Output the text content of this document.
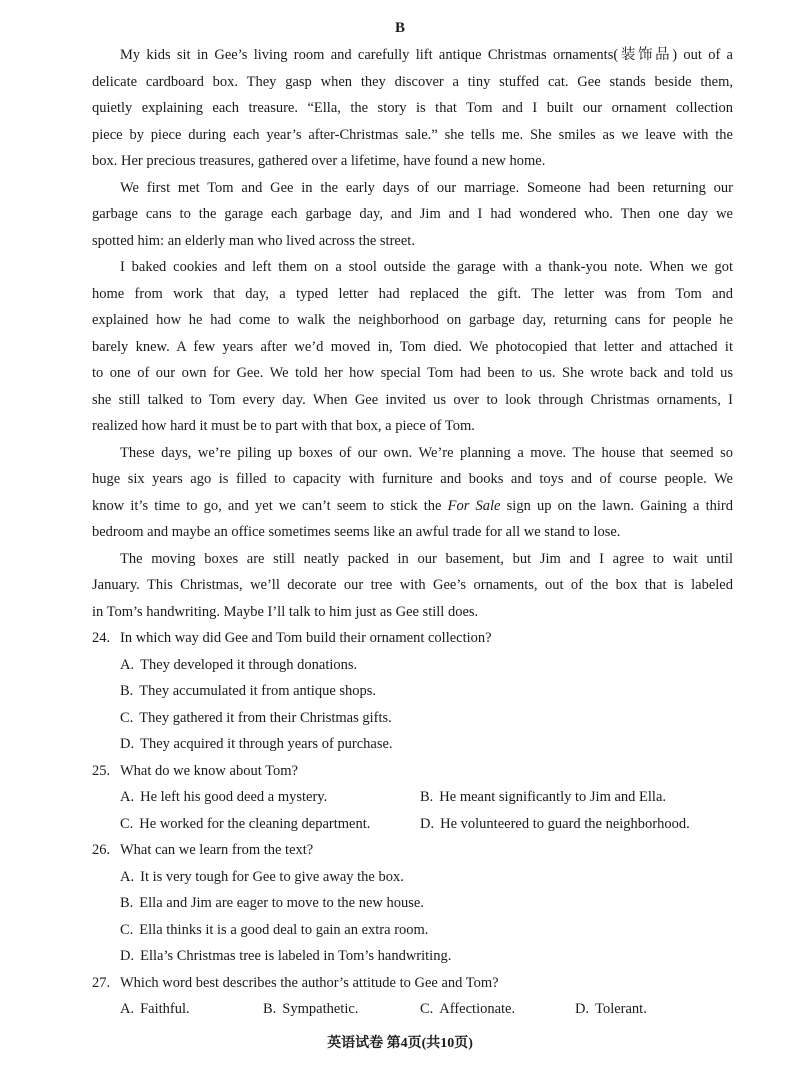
B
My kids sit in Gee’s living room and carefully lift antique Christmas ornaments(装饰品) out of a
delicate cardboard box. They gasp when they discover a tiny stuffed cat. Gee stands beside them,
quietly explaining each treasure. “Ella, the story is that Tom and I built our ornament collection
piece by piece during each year’s after-Christmas sale.” she tells me. She smiles as we leave with the
box. Her precious treasures, gathered over a lifetime, have found a new home.
We first met Tom and Gee in the early days of our marriage. Someone had been returning our
garbage cans to the garage each garbage day, and Jim and I had wondered who. Then one day we
spotted him: an elderly man who lived across the street.
I baked cookies and left them on a stool outside the garage with a thank-you note. When we got
home from work that day, a typed letter had replaced the gift. The letter was from Tom and
explained how he had come to walk the neighborhood on garbage day, returning cans for people he
barely knew. A few years after we’d moved in, Tom died. We photocopied that letter and attached it
to one of our own for Gee. We told her how special Tom had been to us. She wrote back and told us
she still talked to Tom every day. When Gee invited us over to look through Christmas ornaments, I
realized how hard it must be to part with that box, a piece of Tom.
These days, we’re piling up boxes of our own. We’re planning a move. The house that seemed so
huge six years ago is filled to capacity with furniture and books and toys and of course people. We
know it’s time to go, and yet we can’t seem to stick the For Sale sign up on the lawn. Gaining a third
bedroom and maybe an office sometimes seems like an awful trade for all we stand to lose.
The moving boxes are still neatly packed in our basement, but Jim and I agree to wait until
January. This Christmas, we’ll decorate our tree with Gee’s ornaments, out of the box that is labeled
in Tom’s handwriting. Maybe I’ll talk to him just as Gee still does.
24. In which way did Gee and Tom build their ornament collection?
A. They developed it through donations.
B. They accumulated it from antique shops.
C. They gathered it from their Christmas gifts.
D. They acquired it through years of purchase.
25. What do we know about Tom?
A. He left his good deed a mystery.	B. He meant significantly to Jim and Ella.
C. He worked for the cleaning department.	D. He volunteered to guard the neighborhood.
26. What can we learn from the text?
A. It is very tough for Gee to give away the box.
B. Ella and Jim are eager to move to the new house.
C. Ella thinks it is a good deal to gain an extra room.
D. Ella’s Christmas tree is labeled in Tom’s handwriting.
27. Which word best describes the author’s attitude to Gee and Tom?
A. Faithful.	B. Sympathetic.	C. Affectionate.	D. Tolerant.
英语试卷 第4页(共10页)
